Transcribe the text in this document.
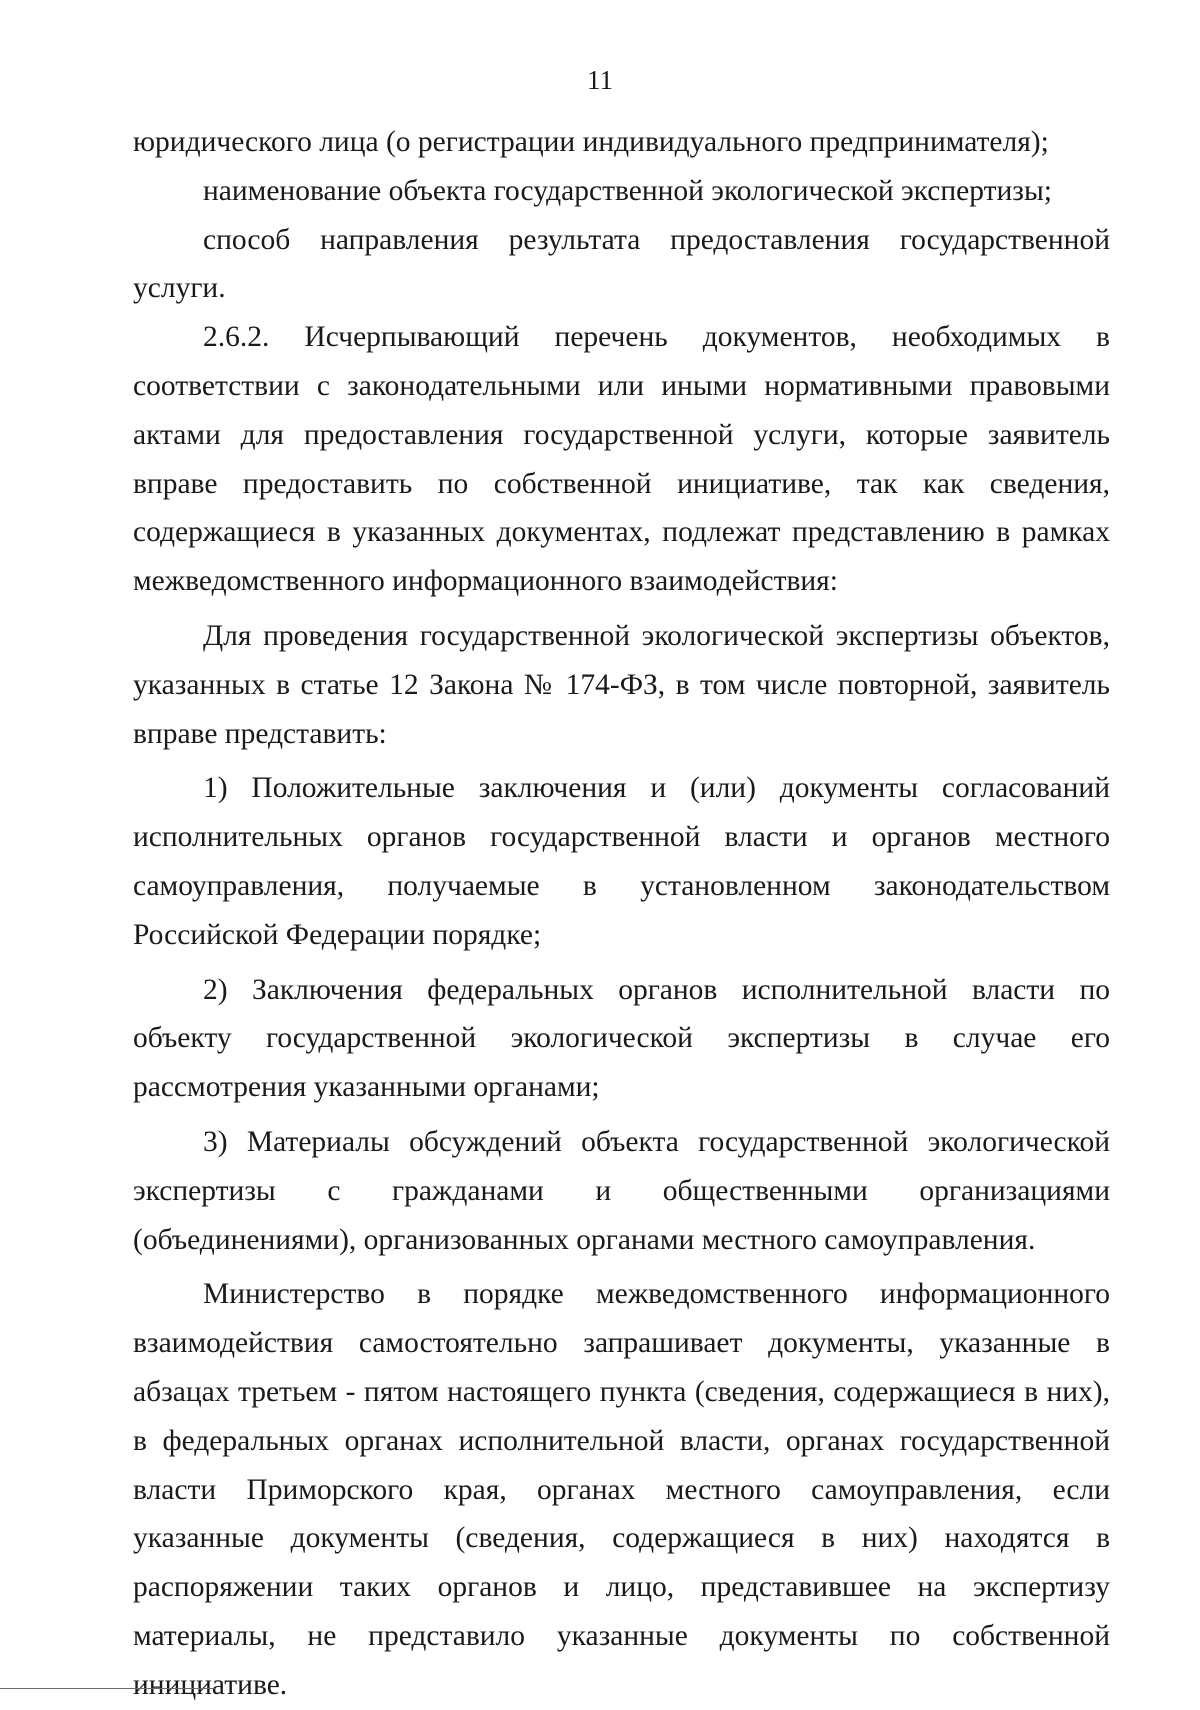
11

юридического лица (о регистрации индивидуального предпринимателя);

наименование объекта государственной экологической экспертизы;

способ направления результата предоставления государственной услуги.

2.6.2. Исчерпывающий перечень документов, необходимых в соответствии с законодательными или иными нормативными правовыми актами для предоставления государственной услуги, которые заявитель вправе предоставить по собственной инициативе, так как сведения, содержащиеся в указанных документах, подлежат представлению в рамках межведомственного информационного взаимодействия:

Для проведения государственной экологической экспертизы объектов, указанных в статье 12 Закона № 174-ФЗ, в том числе повторной, заявитель вправе представить:

1) Положительные заключения и (или) документы согласований исполнительных органов государственной власти и органов местного самоуправления, получаемые в установленном законодательством Российской Федерации порядке;

2) Заключения федеральных органов исполнительной власти по объекту государственной экологической экспертизы в случае его рассмотрения указанными органами;

3) Материалы обсуждений объекта государственной экологической экспертизы с гражданами и общественными организациями (объединениями), организованных органами местного самоуправления.

Министерство в порядке межведомственного информационного взаимодействия самостоятельно запрашивает документы, указанные в абзацах третьем - пятом настоящего пункта (сведения, содержащиеся в них), в федеральных органах исполнительной власти, органах государственной власти Приморского края, органах местного самоуправления, если указанные документы (сведения, содержащиеся в них) находятся в распоряжении таких органов и лицо, представившее на экспертизу материалы, не представило указанные документы по собственной инициативе.
